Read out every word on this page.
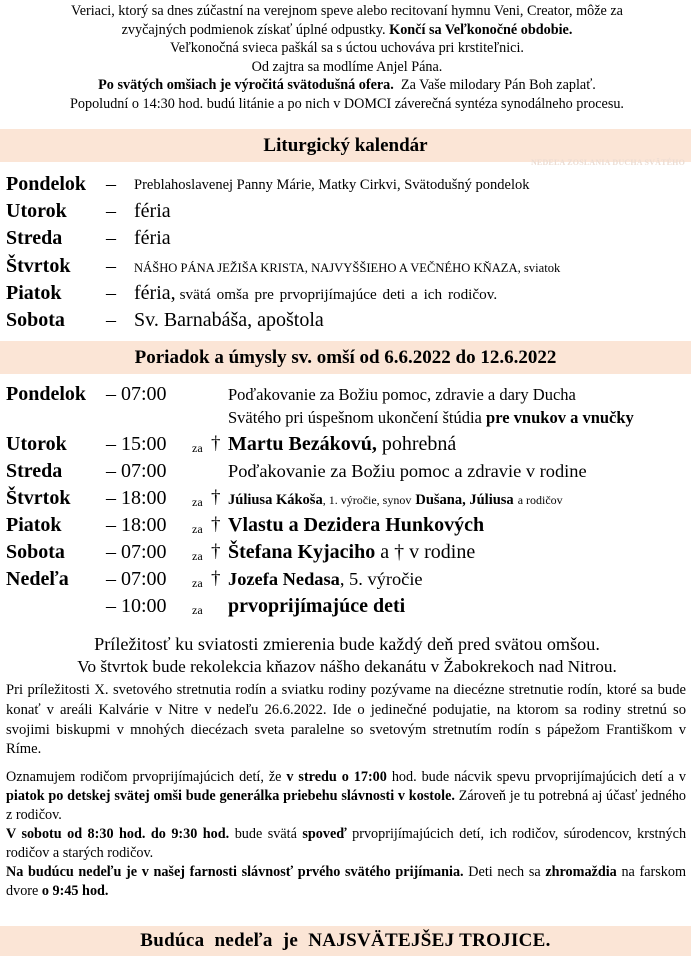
Veriaci, ktorý sa dnes zúčastní na verejnom speve alebo recitovaní hymnu Veni, Creator, môže za
zvyčajných podmienok získať úplné odpustky. Končí sa Veľkonočné obdobie.
Veľkonočná svieca paškál sa s úctou uchováva pri krstiteľnici.
Od zajtra sa modlíme Anjel Pána.
Po svätých omšiach je výročitá svätodušná ofera. Za Vaše milodary Pán Boh zaplať.
Popoludní o 14:30 hod. budú litánie a po nich v DOMCI záverečná syntéza synodálneho procesu.
Liturgický kalendár
NEDEĽA ZOSLANIA DUCHA SVÄTÉHO
Pondelok – Preblahoslavenej Panny Márie, Matky Cirkvi, Svätodušný pondelok
Utorok – féria
Streda – féria
Štvrtok – NÁŠHO PÁNA JEŽIŠA KRISTA, NAJVYŠŠIEHO A VEČNÉHO KŇAZA, sviatok
Piatok – féria, svätá omša pre prvoprijímajúce deti a ich rodičov.
Sobota – Sv. Barnabáša, apoštola
Poriadok a úmysly sv. omší od 6.6.2022 do 12.6.2022
Pondelok – 07:00	Poďakovanie za Božiu pomoc, zdravie a dary Ducha
Svätého pri úspešnom ukončení štúdia pre vnukov a vnučky
Utorok – 15:00 za † Martu Bezákovú, pohrebná
Streda – 07:00	Poďakovanie za Božiu pomoc a zdravie v rodine
Štvrtok – 18:00 za † Júliusa Kákoša, 1. výročie, synov Dušana, Júliusa a rodičov
Piatok – 18:00 za † Vlastu a Dezidera Hunkových
Sobota – 07:00 za † Štefana Kyjaciho a † v rodine
Nedeľa – 07:00 za † Jozefa Nedasa, 5. výročie
– 10:00 za prvoprijímajúce deti
Príležitosť ku sviatosti zmierenia bude každý deň pred svätou omšou.
Vo štvrtok bude rekolekcia kňazov nášho dekanátu v Žabokrekoch nad Nitrou.
Pri príležitosti X. svetového stretnutia rodín a sviatku rodiny pozývame na diecézne stretnutie rodín, ktoré sa bude konať v areáli Kalvárie v Nitre v nedeľu 26.6.2022. Ide o jedinečné podujatie, na ktorom sa rodiny stretnú so svojimi biskupmi v mnohých diecézach sveta paralelne so svetovým stretnutím rodín s pápežom Františkom v Ríme.
Oznamujem rodičom prvoprijímajúcich detí, že v stredu o 17:00 hod. bude nácvik spevu prvoprijímajúcich detí a v piatok po detskej svätej omši bude generálka priebehu slávnosti v kostole. Zároveň je tu potrebná aj účasť jedného z rodičov.
V sobotu od 8:30 hod. do 9:30 hod. bude svätá spoveď prvoprijímajúcich detí, ich rodičov, súrodencov, krstných rodičov a starých rodičov.
Na budúcu nedeľu je v našej farnosti slávnosť prvého svätého prijímania. Deti nech sa zhromaždia na farskom dvore o 9:45 hod.
Budúca  nedeľa  je NAJSVÄTEJŠEJ TROJICE.
